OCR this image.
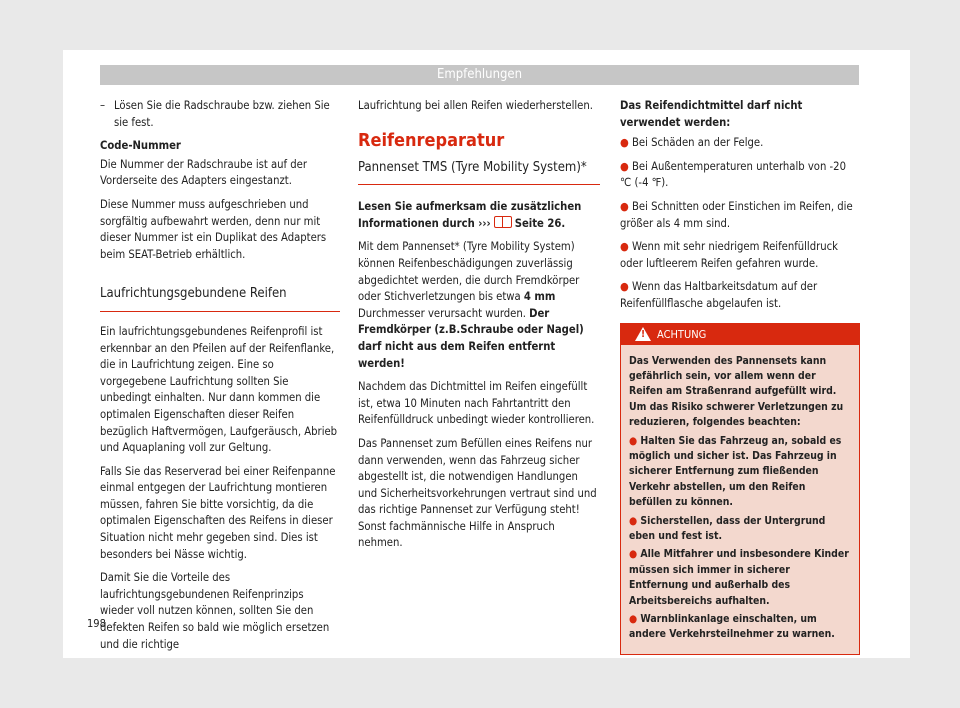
Empfehlungen

– Lösen Sie die Radschraube bzw. ziehen Sie sie fest.

Code-Nummer

Die Nummer der Radschraube ist auf der Vorderseite des Adapters eingestanzt.

Diese Nummer muss aufgeschrieben und sorgfältig aufbewahrt werden, denn nur mit dieser Nummer ist ein Duplikat des Adapters beim SEAT-Betrieb erhältlich.

Laufrichtungsgebundene Reifen

Ein laufrichtungsgebundenes Reifenprofil ist erkennbar an den Pfeilen auf der Reifenflanke, die in Laufrichtung zeigen. Eine so vorgegebene Laufrichtung sollten Sie unbedingt einhalten. Nur dann kommen die optimalen Eigenschaften dieser Reifen bezüglich Haftvermögen, Laufgeräusch, Abrieb und Aquaplaning voll zur Geltung.

Falls Sie das Reserverad bei einer Reifenpanne einmal entgegen der Laufrichtung montieren müssen, fahren Sie bitte vorsichtig, da die optimalen Eigenschaften des Reifens in dieser Situation nicht mehr gegeben sind. Dies ist besonders bei Nässe wichtig.

Damit Sie die Vorteile des laufrichtungsgebundenen Reifenprinzips wieder voll nutzen können, sollten Sie den defekten Reifen so bald wie möglich ersetzen und die richtige

Laufrichtung bei allen Reifen wiederherstellen.

Reifenreparatur
Pannenset TMS (Tyre Mobility System)*

Lesen Sie aufmerksam die zusätzlichen Informationen durch ››› Seite 26.

Mit dem Pannenset* (Tyre Mobility System) können Reifenbeschädigungen zuverlässig abgedichtet werden, die durch Fremdkörper oder Stichverletzungen bis etwa 4 mm Durchmesser verursacht wurden. Der Fremdkörper (z.B.Schraube oder Nagel) darf nicht aus dem Reifen entfernt werden!

Nachdem das Dichtmittel im Reifen eingefüllt ist, etwa 10 Minuten nach Fahrtantritt den Reifenfülldruck unbedingt wieder kontrollieren.

Das Pannenset zum Befüllen eines Reifens nur dann verwenden, wenn das Fahrzeug sicher abgestellt ist, die notwendigen Handlungen und Sicherheitsvorkehrungen vertraut sind und das richtige Pannenset zur Verfügung steht! Sonst fachmännische Hilfe in Anspruch nehmen.

Das Reifendichtmittel darf nicht verwendet werden:

● Bei Schäden an der Felge.

● Bei Außentemperaturen unterhalb von -20 ℃ (-4 ℉).

● Bei Schnitten oder Einstichen im Reifen, die größer als 4 mm sind.

● Wenn mit sehr niedrigem Reifenfülldruck oder luftleerem Reifen gefahren wurde.

● Wenn das Haltbarkeitsdatum auf der Reifenfüllflasche abgelaufen ist.

!
ACHTUNG

Das Verwenden des Pannensets kann gefährlich sein, vor allem wenn der Reifen am Straßenrand aufgefüllt wird. Um das Risiko schwerer Verletzungen zu reduzieren, folgendes beachten:

● Halten Sie das Fahrzeug an, sobald es möglich und sicher ist. Das Fahrzeug in sicherer Entfernung zum fließenden Verkehr abstellen, um den Reifen befüllen zu können.

● Sicherstellen, dass der Untergrund eben und fest ist.

● Alle Mitfahrer und insbesondere Kinder müssen sich immer in sicherer Entfernung und außerhalb des Arbeitsbereichs aufhalten.

● Warnblinkanlage einschalten, um andere Verkehrsteilnehmer zu warnen.

198
